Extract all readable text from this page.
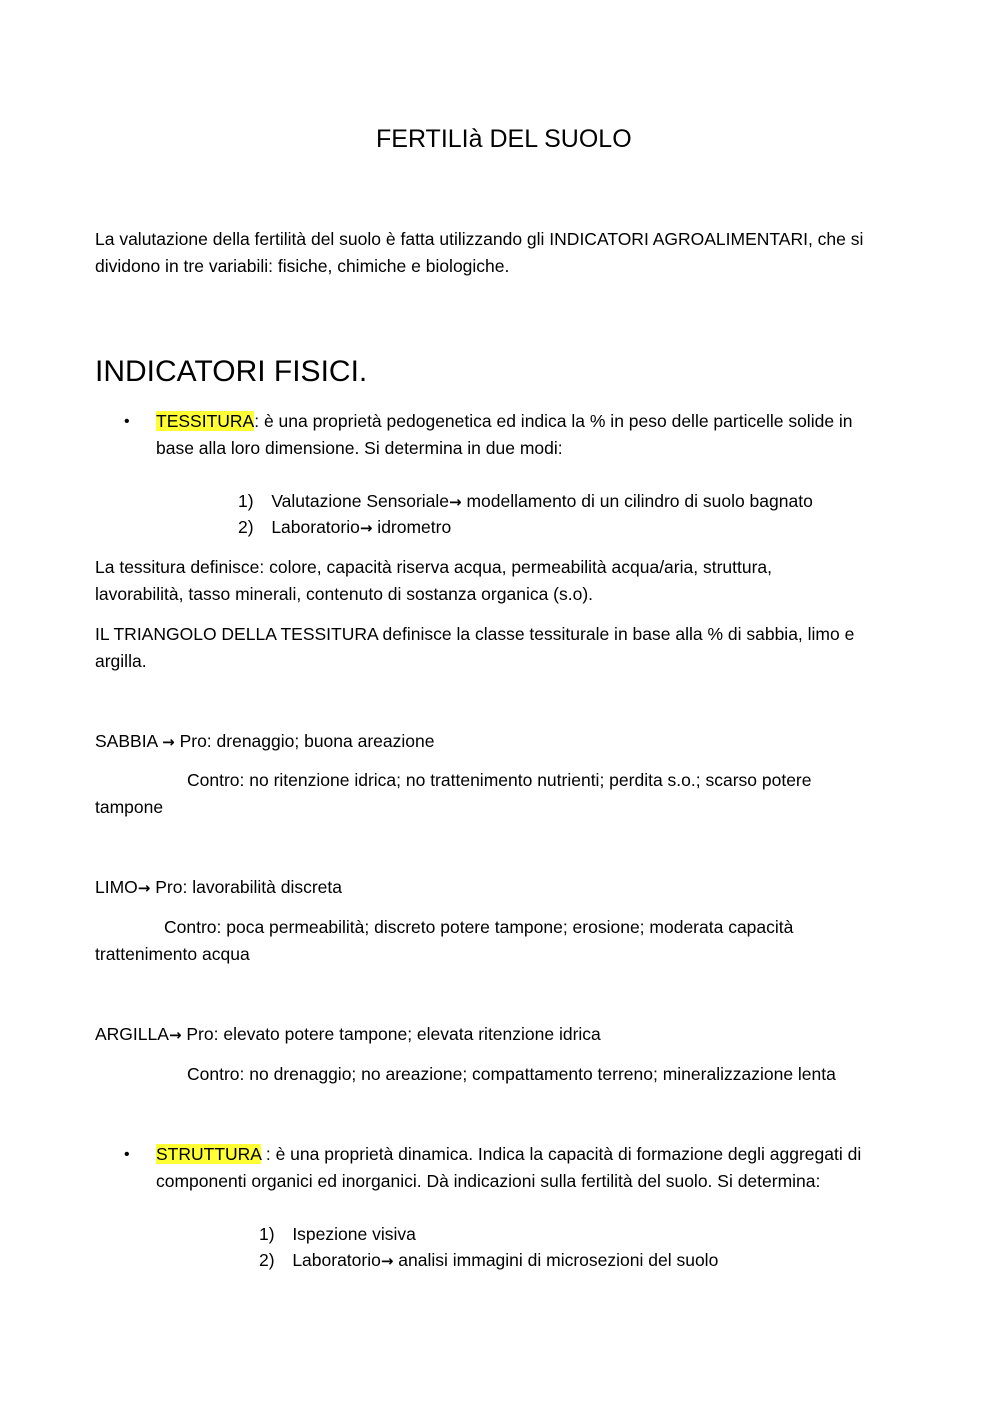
FERTILIà DEL SUOLO
La valutazione della fertilità del suolo è fatta utilizzando gli INDICATORI AGROALIMENTARI, che si
dividono in tre variabili: fisiche, chimiche e biologiche.
INDICATORI FISICI.
• TESSITURA: è una proprietà pedogenetica ed indica la % in peso delle particelle solide in
base alla loro dimensione. Si determina in due modi:
1) Valutazione Sensoriale→ modellamento di un cilindro di suolo bagnato
2) Laboratorio→ idrometro
La tessitura definisce: colore, capacità riserva acqua, permeabilità acqua/aria, struttura,
lavorabilità, tasso minerali, contenuto di sostanza organica (s.o).
IL TRIANGOLO DELLA TESSITURA definisce la classe tessiturale in base alla % di sabbia, limo e
argilla.
SABBIA → Pro: drenaggio; buona areazione
Contro: no ritenzione idrica; no trattenimento nutrienti; perdita s.o.; scarso potere
tampone
LIMO→ Pro: lavorabilità discreta
Contro: poca permeabilità; discreto potere tampone; erosione; moderata capacità
trattenimento acqua
ARGILLA→ Pro: elevato potere tampone; elevata ritenzione idrica
Contro: no drenaggio; no areazione; compattamento terreno; mineralizzazione lenta
• STRUTTURA : è una proprietà dinamica. Indica la capacità di formazione degli aggregati di
componenti organici ed inorganici. Dà indicazioni sulla fertilità del suolo. Si determina:
1) Ispezione visiva
2) Laboratorio→ analisi immagini di microsezioni del suolo
